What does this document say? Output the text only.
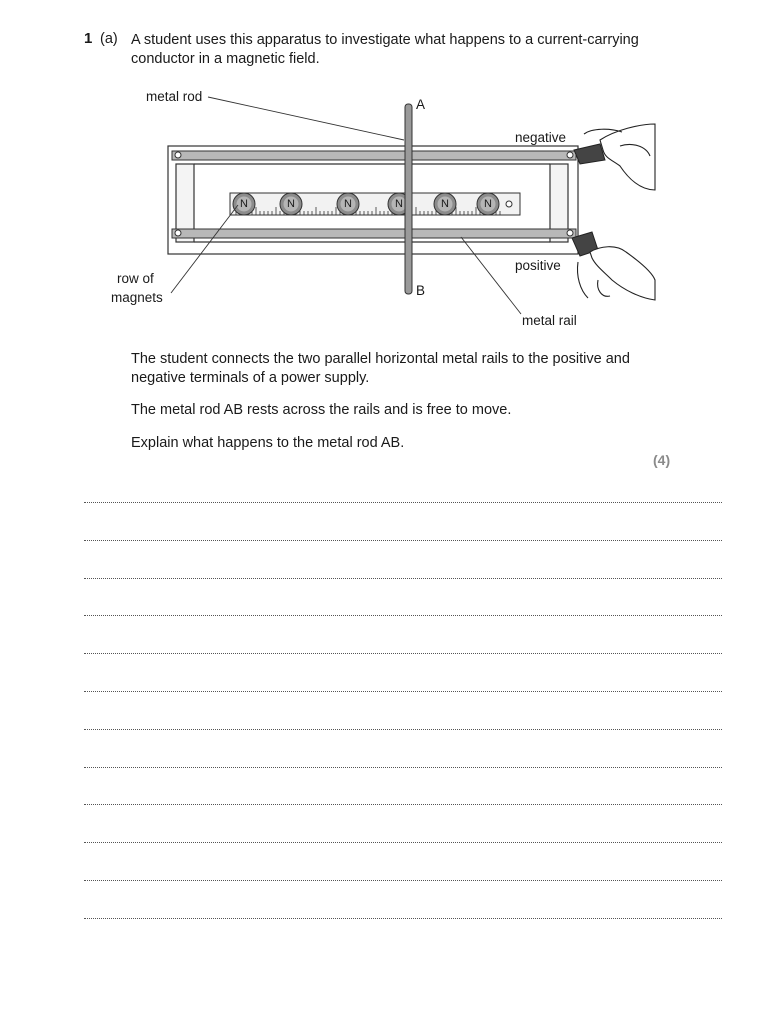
1 (a) A student uses this apparatus to investigate what happens to a current-carrying
conductor in a magnetic field.
N	N	N	N	N	N
metal rod
A
B
negative
positive
row of
magnets
metal rail
The student connects the two parallel horizontal metal rails to the positive and
negative terminals of a power supply.
The metal rod AB rests across the rails and is free to move.
Explain what happens to the metal rod AB.
(4)
